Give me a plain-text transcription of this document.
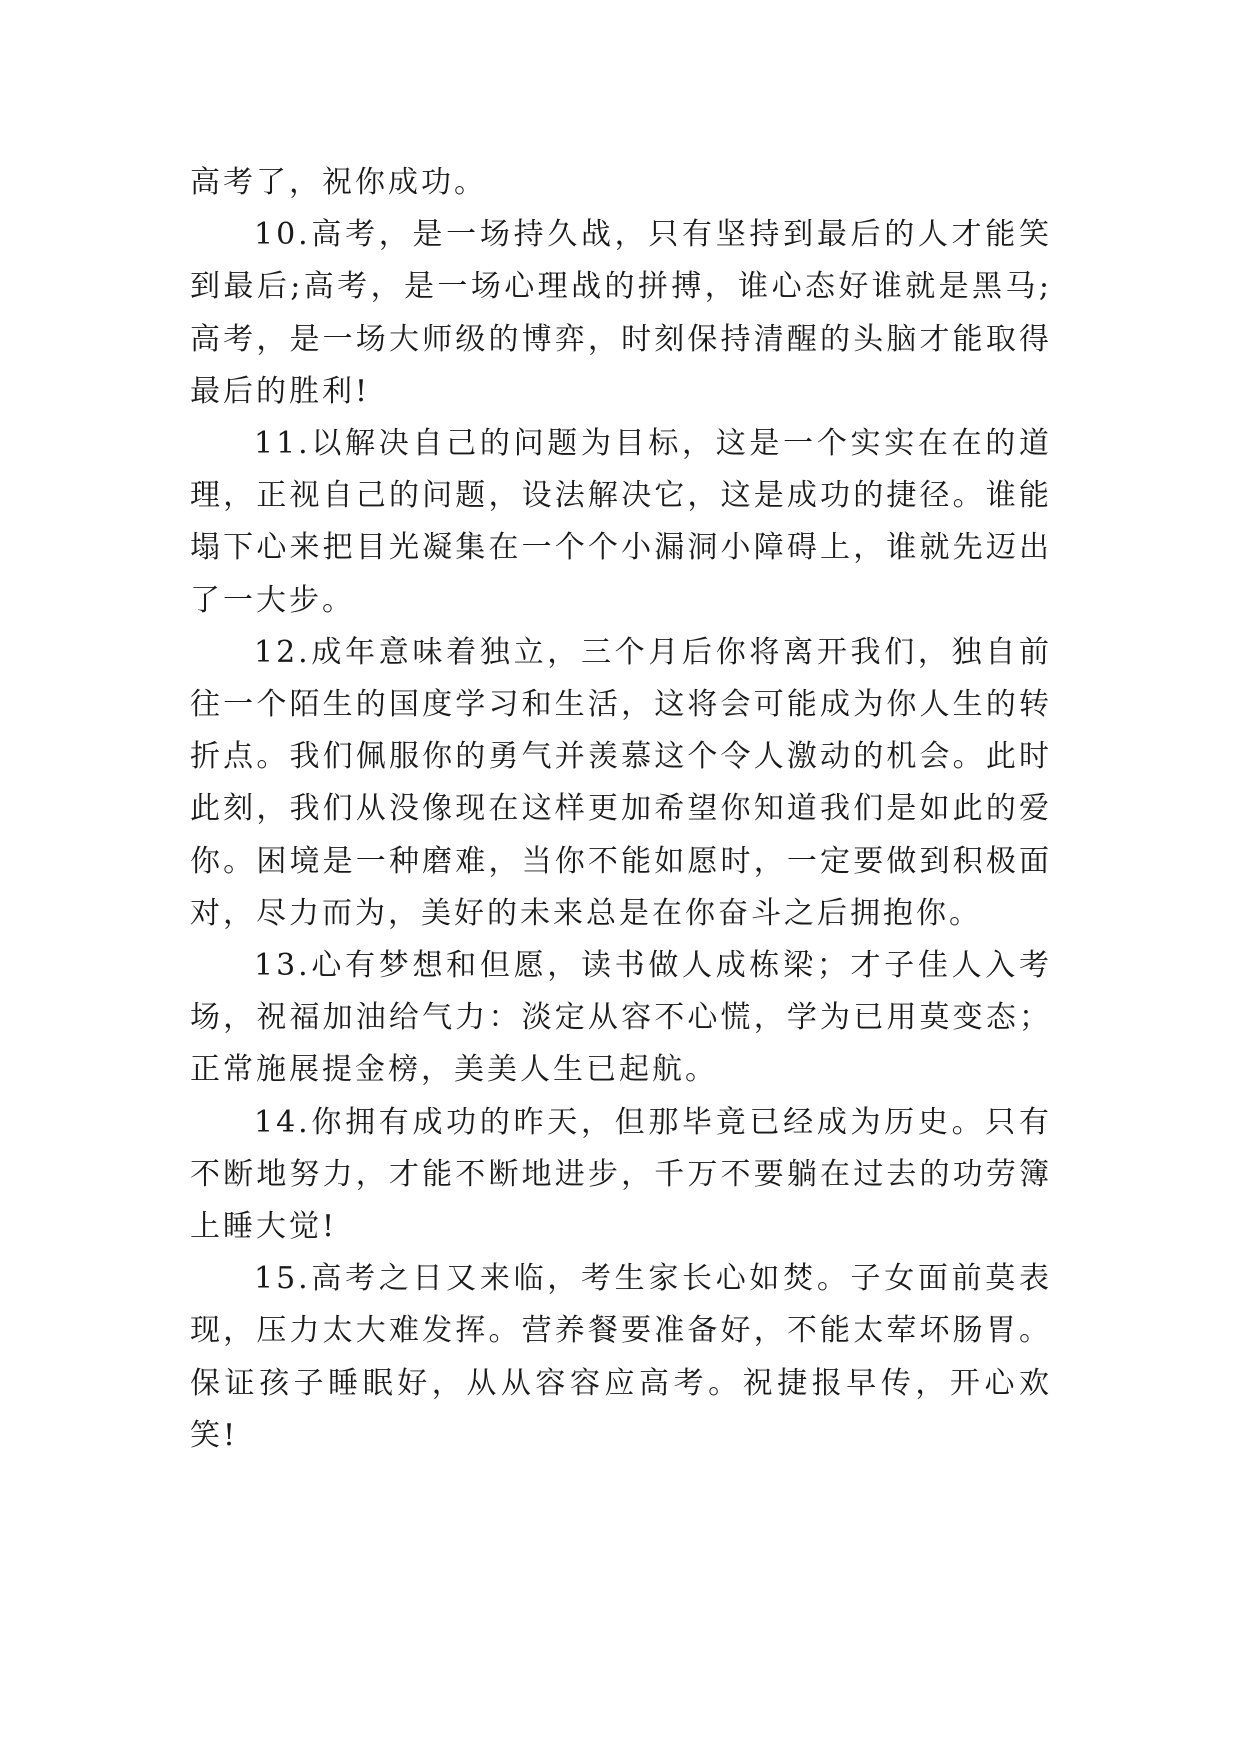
高考了，祝你成功。

10.高考，是一场持久战，只有坚持到最后的人才能笑到最后;高考，是一场心理战的拼搏，谁心态好谁就是黑马;高考，是一场大师级的博弈，时刻保持清醒的头脑才能取得最后的胜利!

11.以解决自己的问题为目标，这是一个实实在在的道理，正视自己的问题，设法解决它，这是成功的捷径。谁能塌下心来把目光凝集在一个个小漏洞小障碍上，谁就先迈出了一大步。

12.成年意味着独立，三个月后你将离开我们，独自前往一个陌生的国度学习和生活，这将会可能成为你人生的转折点。我们佩服你的勇气并羡慕这个令人激动的机会。此时此刻，我们从没像现在这样更加希望你知道我们是如此的爱你。困境是一种磨难，当你不能如愿时，一定要做到积极面对，尽力而为，美好的未来总是在你奋斗之后拥抱你。

13.心有梦想和但愿，读书做人成栋梁；才子佳人入考场，祝福加油给气力：淡定从容不心慌，学为已用莫变态；正常施展提金榜，美美人生已起航。

14.你拥有成功的昨天，但那毕竟已经成为历史。只有不断地努力，才能不断地进步，千万不要躺在过去的功劳簿上睡大觉!

15.高考之日又来临，考生家长心如焚。子女面前莫表现，压力太大难发挥。营养餐要准备好，不能太荤坏肠胃。保证孩子睡眠好，从从容容应高考。祝捷报早传，开心欢笑!
